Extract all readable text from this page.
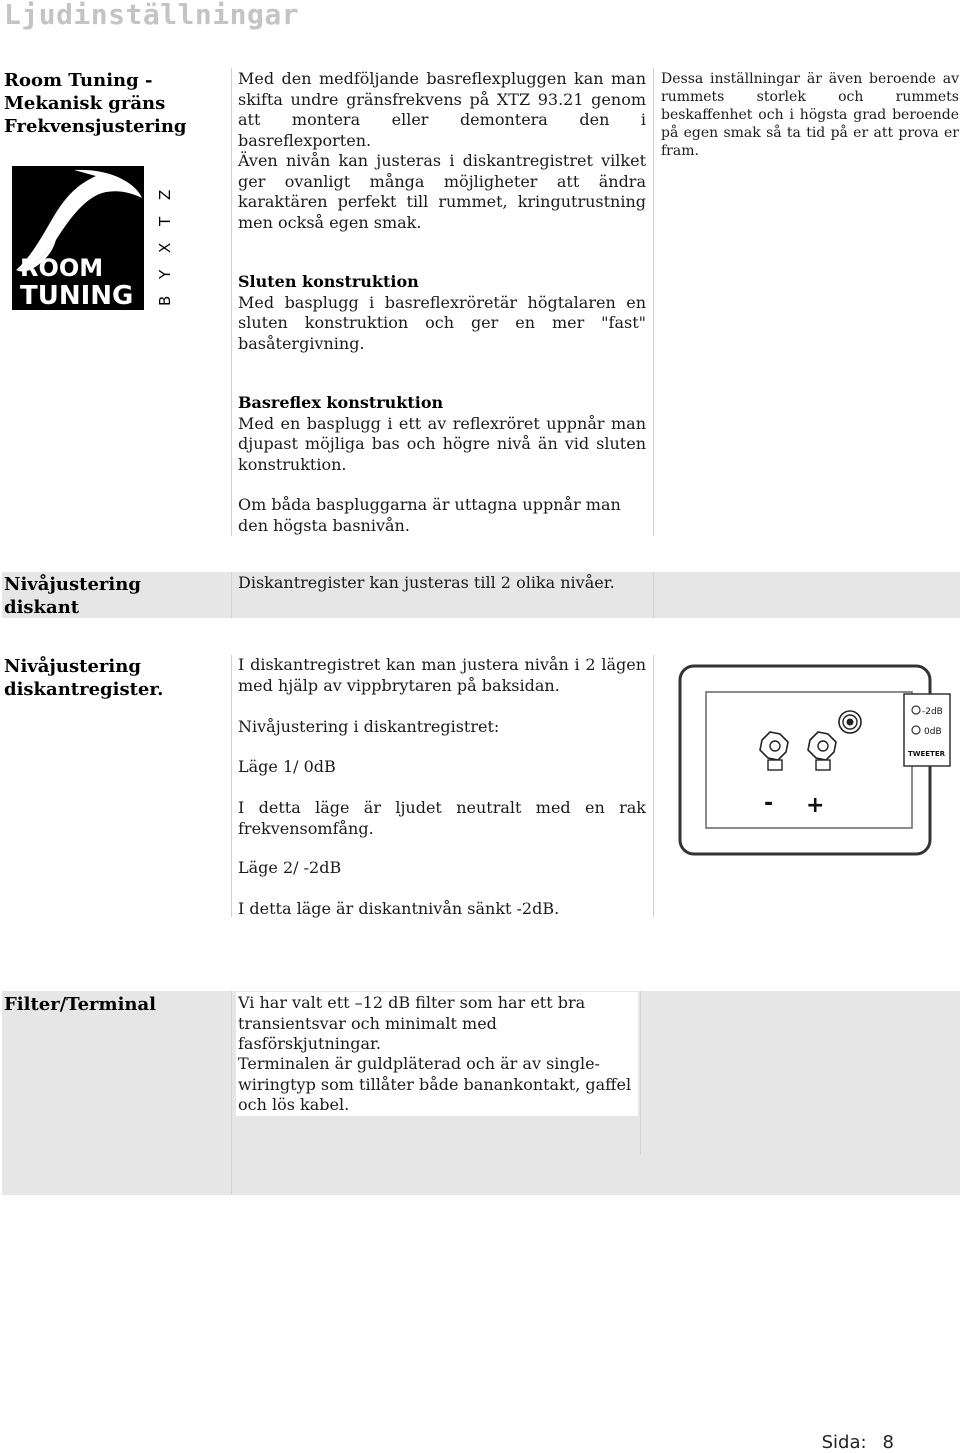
Ljudinställningar
Room Tuning - Mekanisk gräns Frekvensjustering
ROOM
TUNING B Y X T Z

Med den medföljande basreflexpluggen kan man skifta undre gränsfrekvens på XTZ 93.21 genom att montera eller demontera den i basreflexporten.

Även nivån kan justeras i diskantregistret vilket ger ovanligt många möjligheter att ändra karaktären perfekt till rummet, kringutrustning men också egen smak.

Sluten konstruktion
Med basplugg i basreflexröretär högtalaren en sluten konstruktion och ger en mer "fast" basåtergivning.

Basreflex konstruktion
Med en basplugg i ett av reflexröret uppnår man djupast möjliga bas och högre nivå än vid sluten konstruktion.

Om båda baspluggarna är uttagna uppnår man den högsta basnivån.

Dessa inställningar är även beroende av rummets storlek och rummets beskaffenhet och i högsta grad beroende på egen smak så ta tid på er att prova er fram.

Nivåjustering diskant

Diskantregister kan justeras till 2 olika nivåer.

Nivåjustering diskantregister.

I diskantregistret kan man justera nivån i 2 lägen med hjälp av vippbrytaren på baksidan.

Nivåjustering i diskantregistret:

Läge 1/ 0dB

I detta läge är ljudet neutralt med en rak frekvensomfång.

Läge 2/ -2dB

I detta läge är diskantnivån sänkt -2dB.

- +
-2dB
0dB
TWEETER
Filter/Terminal	Vi har valt ett –12 dB filter som har ett bra transientsvar och minimalt med fasförskjutningar.

Terminalen är guldpläterad och är av single-wiringtyp som tillåter både banankontakt, gaffel och lös kabel.

Sida: 8
